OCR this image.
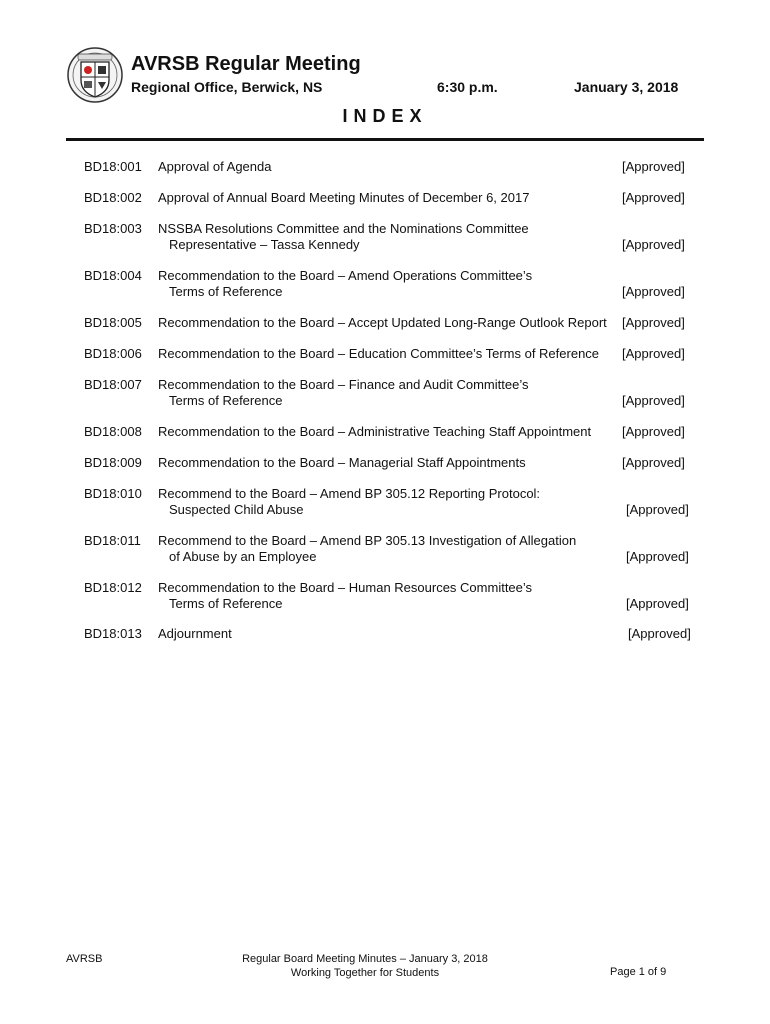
AVRSB Regular Meeting
Regional Office, Berwick, NS	6:30 p.m.	January 3, 2018
INDEX
BD18:001 Approval of Agenda	[Approved]
BD18:002 Approval of Annual Board Meeting Minutes of December 6, 2017	[Approved]
BD18:003 NSSBA Resolutions Committee and the Nominations Committee
Representative – Tassa Kennedy	[Approved]
BD18:004 Recommendation to the Board – Amend Operations Committee’s
Terms of Reference	[Approved]
BD18:005 Recommendation to the Board – Accept Updated Long-Range Outlook Report	[Approved]
BD18:006 Recommendation to the Board – Education Committee’s Terms of Reference	[Approved]
BD18:007 Recommendation to the Board – Finance and Audit Committee’s
Terms of Reference	[Approved]
BD18:008 Recommendation to the Board – Administrative Teaching Staff Appointment	[Approved]
BD18:009 Recommendation to the Board – Managerial Staff Appointments	[Approved]
BD18:010 Recommend to the Board – Amend BP 305.12 Reporting Protocol:
Suspected Child Abuse	[Approved]
BD18:011 Recommend to the Board – Amend BP 305.13 Investigation of Allegation
of Abuse by an Employee	[Approved]
BD18:012 Recommendation to the Board – Human Resources Committee’s
Terms of Reference	[Approved]
BD18:013 Adjournment	[Approved]
AVRSB	Regular Board Meeting Minutes – January 3, 2018
Working Together for Students	Page 1 of 9
